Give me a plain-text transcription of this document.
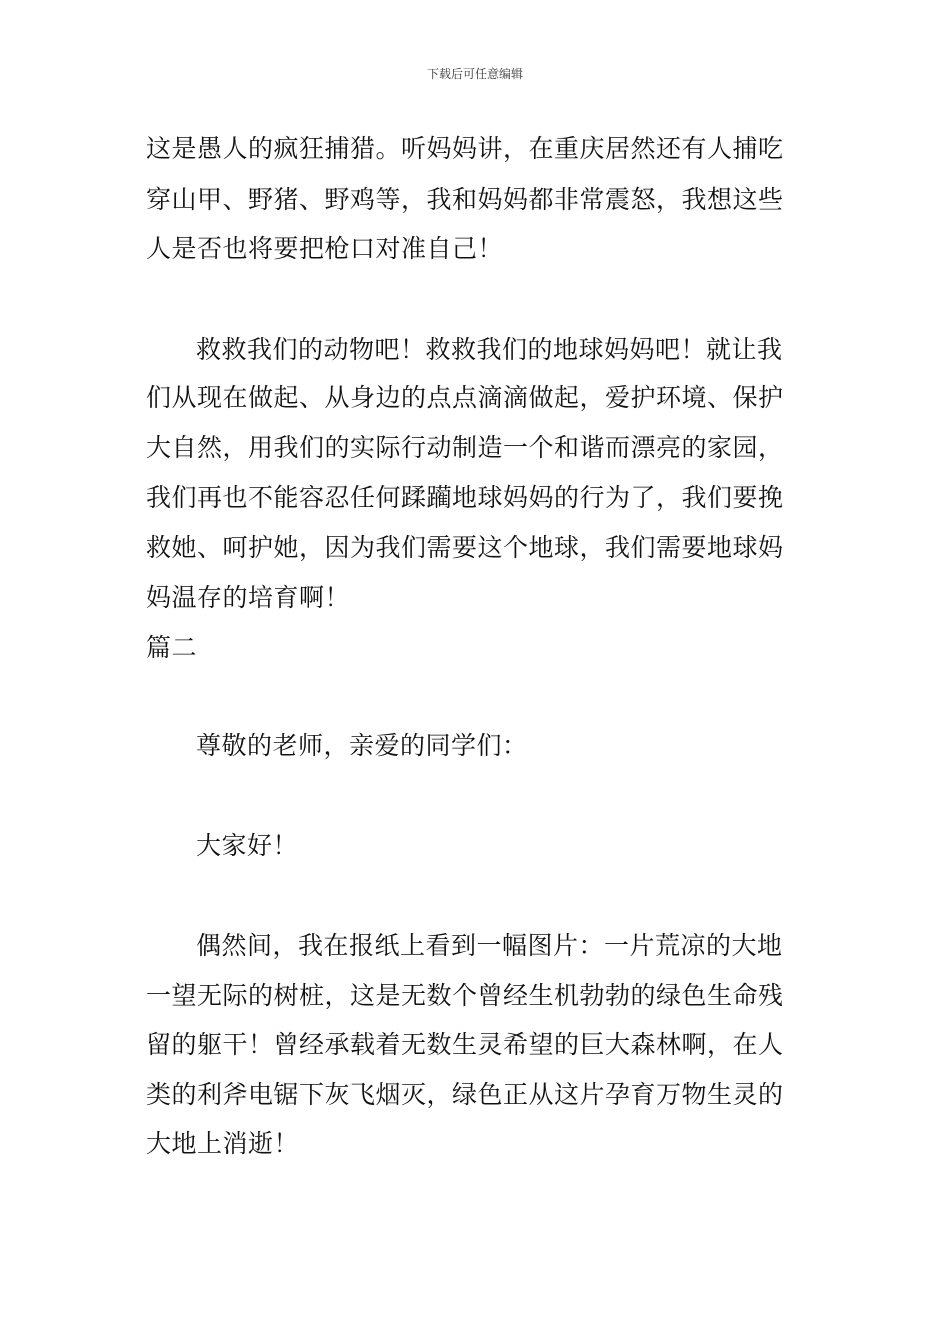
下载后可任意编辑
这是愚人的疯狂捕猎。听妈妈讲，在重庆居然还有人捕吃
穿山甲、野猪、野鸡等，我和妈妈都非常震怒，我想这些
人是否也将要把枪口对准自己！
救救我们的动物吧！救救我们的地球妈妈吧！就让我
们从现在做起、从身边的点点滴滴做起，爱护环境、保护
大自然，用我们的实际行动制造一个和谐而漂亮的家园，
我们再也不能容忍任何蹂躏地球妈妈的行为了，我们要挽
救她、呵护她，因为我们需要这个地球，我们需要地球妈
妈温存的培育啊！
篇二
尊敬的老师，亲爱的同学们：
大家好！
偶然间，我在报纸上看到一幅图片：一片荒凉的大地
一望无际的树桩，这是无数个曾经生机勃勃的绿色生命残
留的躯干！曾经承载着无数生灵希望的巨大森林啊，在人
类的利斧电锯下灰飞烟灭，绿色正从这片孕育万物生灵的
大地上消逝！
